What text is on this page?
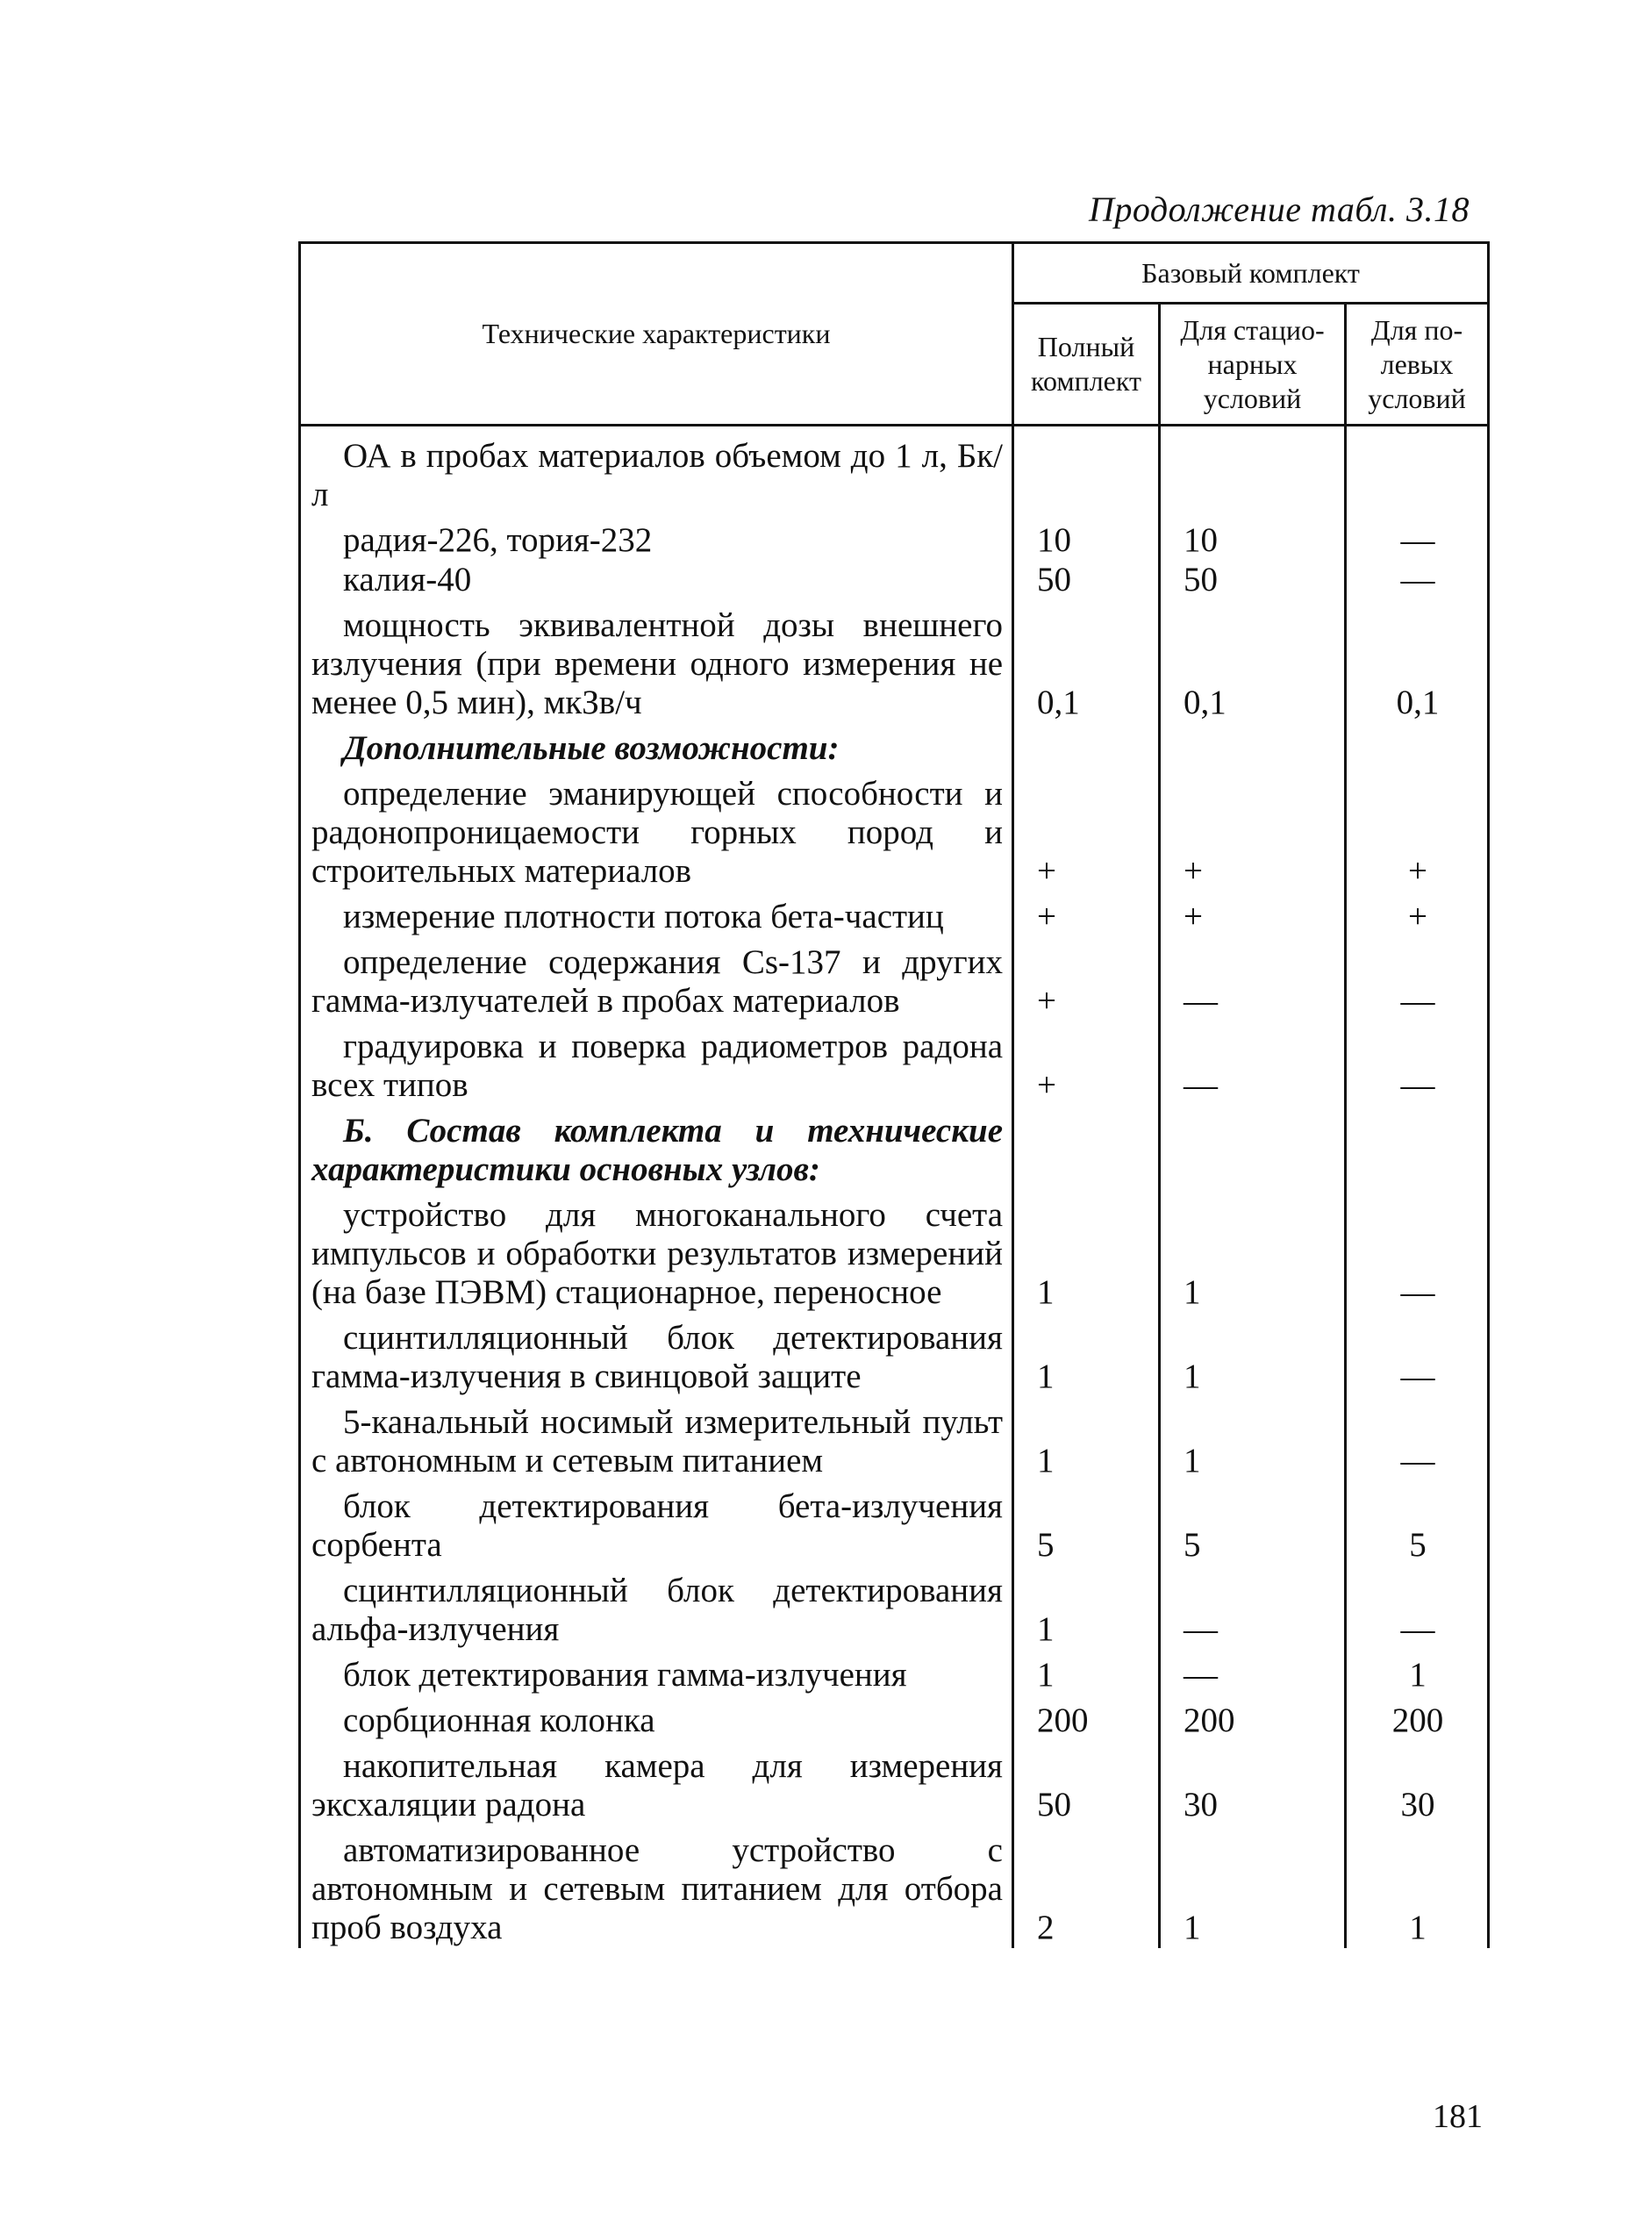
Продолжение табл. 3.18
Технические характеристики	Базовый комплект		
	Полный комплект	Для стацио-нарных условий	Для по-левых условий

ОА в пробах материалов объемом до 1 л, Бк/л			

радия-226, тория-232	10	10	—

калия-40	50	50	—

мощность эквивалентной дозы внешнего излучения (при времени одного измерения не менее 0,5 мин), мкЗв/ч	0,1	0,1	0,1

Дополнительные возможности:			

определение эманирующей способности и радонопроницаемости горных пород и строительных материалов	+	+	+

измерение плотности потока бета-частиц	+	+	+

определение содержания Cs-137 и других гамма-излучателей в пробах материалов	+	—	—

градуировка и поверка радиометров радона всех типов	+	—	—

Б. Состав комплекта и технические характеристики основных узлов:			

устройство для многоканального счета импульсов и обработки результатов измерений (на базе ПЭВМ) стационарное, переносное	1	1	—

сцинтилляционный блок детектирования гамма-излучения в свинцовой защите	1	1	—

5-канальный носимый измерительный пульт с автономным и сетевым питанием	1	1	—

блок детектирования бета-излучения сорбента	5	5	5

сцинтилляционный блок детектирования альфа-излучения	1	—	—

блок детектирования гамма-излучения	1	—	1

сорбционная колонка	200	200	200

накопительная камера для измерения эксхаляции радона	50	30	30

автоматизированное устройство с автономным и сетевым питанием для отбора проб воздуха	2	1	1
181
